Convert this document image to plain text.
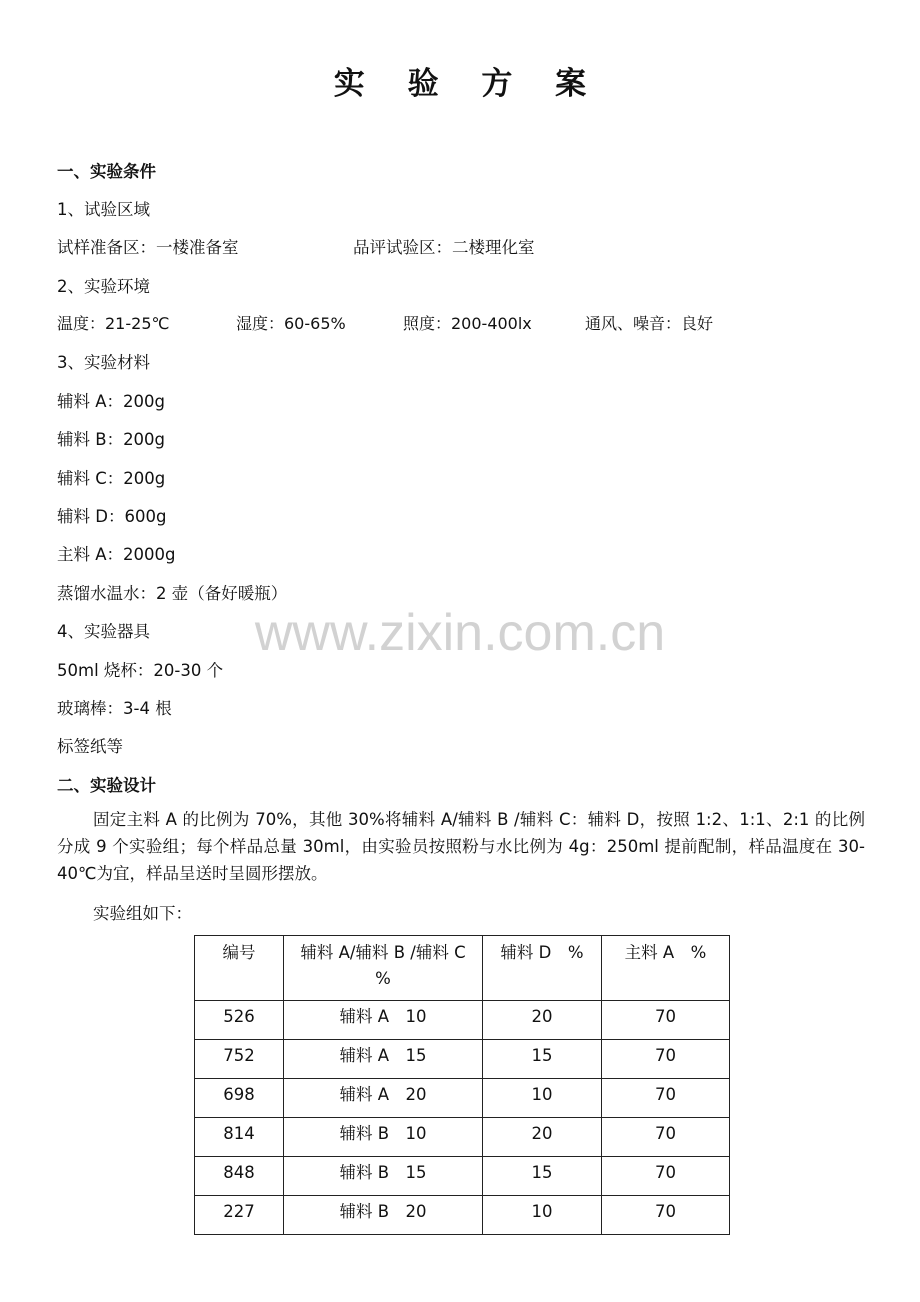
实 验 方 案
一、实验条件
1、试验区域
试样准备区：一楼准备室	品评试验区：二楼理化室
2、实验环境
温度：21-25℃	湿度：60-65%	照度：200-400lx	通风、噪音：良好
3、实验材料
辅料 A：200g
辅料 B：200g
辅料 C：200g
辅料 D：600g
主料 A：2000g
蒸馏水温水：2 壶（备好暖瓶）
4、实验器具
50ml 烧杯：20-30 个
玻璃棒：3-4 根
标签纸等
二、实验设计
固定主料 A 的比例为 70%，其他 30%将辅料 A/辅料 B /辅料 C：辅料 D，按照 1:2、1:1、2:1 的比例分成 9 个实验组；每个样品总量 30ml，由实验员按照粉与水比例为 4g：250ml 提前配制，样品温度在 30-40℃为宜，样品呈送时呈圆形摆放。
实验组如下：
www.zixin.com.cn
编号	辅料 A/辅料 B /辅料 C　%	辅料 D　%	主料 A　%
526	辅料 A　10	20	70
752	辅料 A　15	15	70
698	辅料 A　20	10	70
814	辅料 B　10	20	70
848	辅料 B　15	15	70
227	辅料 B　20	10	70
